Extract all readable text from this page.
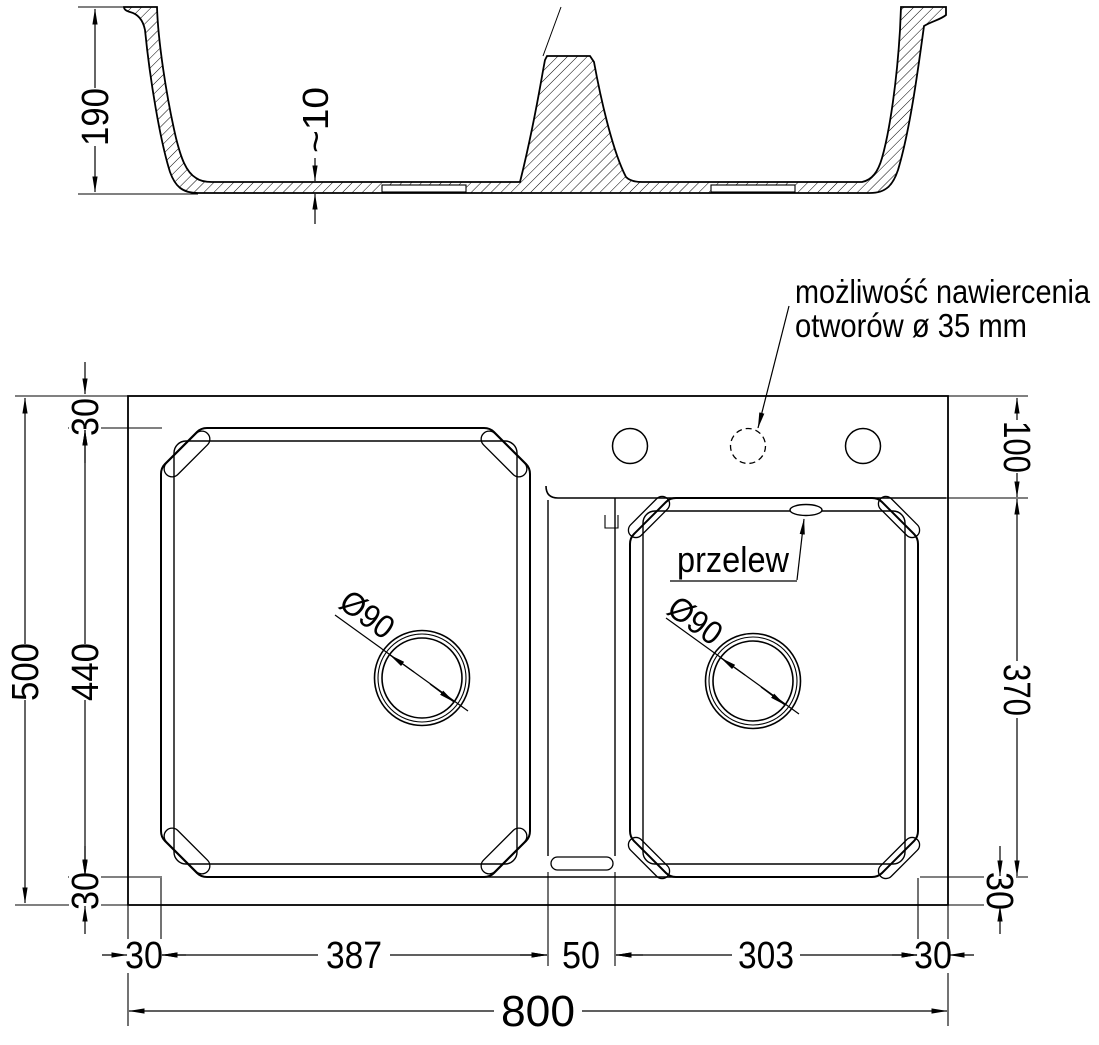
190	~10
30
500 440
30
100
370
30
30	387	50	303	30
800
Ø90	Ø90
możliwość nawiercenia
otworów ø 35 mm
przelew
